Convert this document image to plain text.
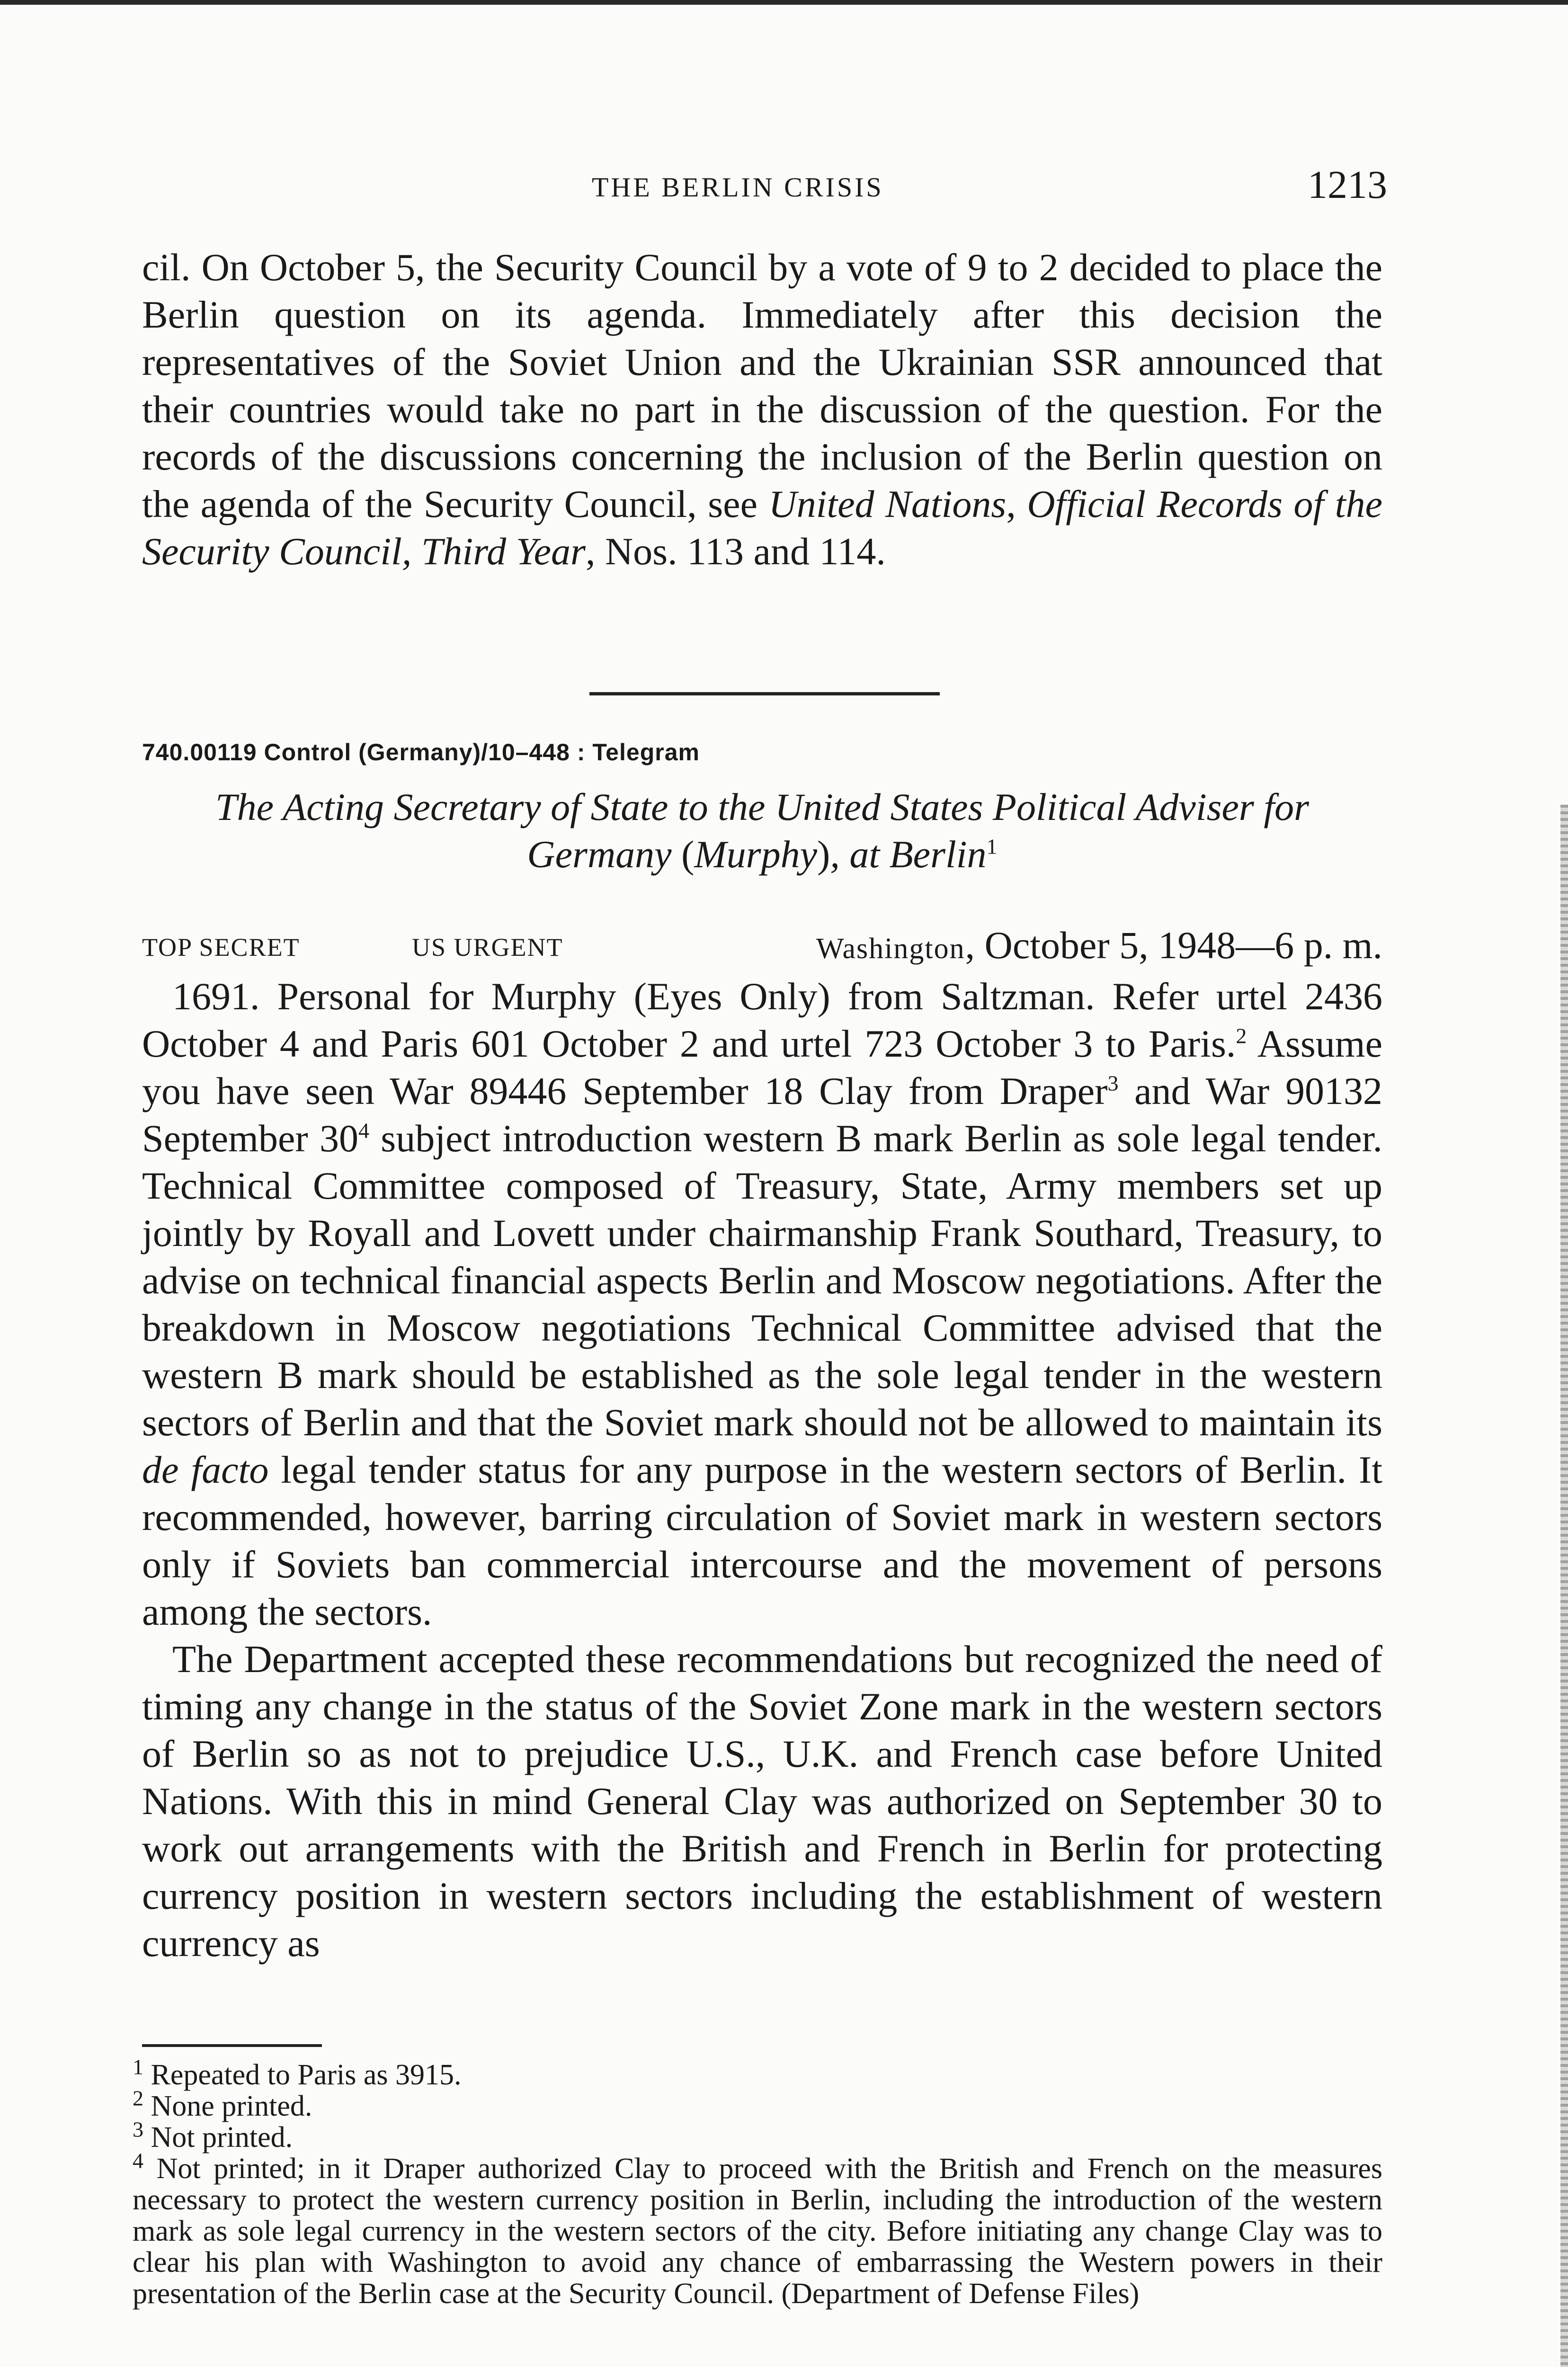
THE BERLIN CRISIS	1213

cil. On October 5, the Security Council by a vote of 9 to 2 decided to place the Berlin question on its agenda. Immediately after this decision the representatives of the Soviet Union and the Ukrainian SSR announced that their countries would take no part in the discussion of the question. For the records of the discussions concerning the inclusion of the Berlin question on the agenda of the Security Council, see United Nations, Official Records of the Security Council, Third Year, Nos. 113 and 114.

740.00119 Control (Germany)/10–448 : Telegram
The Acting Secretary of State to the United States Political Adviser for Germany (Murphy), at Berlin$^1$
TOP SECRET	US URGENT	Washington, October 5, 1948—6 p. m.

1691. Personal for Murphy (Eyes Only) from Saltzman. Refer urtel 2436 October 4 and Paris 601 October 2 and urtel 723 October 3 to Paris.$^2$ Assume you have seen War 89446 September 18 Clay from Draper$^3$ and War 90132 September 30$^4$ subject introduction western B mark Berlin as sole legal tender. Technical Committee composed of Treasury, State, Army members set up jointly by Royall and Lovett under chairmanship Frank Southard, Treasury, to advise on technical financial aspects Berlin and Moscow negotiations. After the breakdown in Moscow negotiations Technical Committee advised that the western B mark should be established as the sole legal tender in the western sectors of Berlin and that the Soviet mark should not be allowed to maintain its de facto legal tender status for any purpose in the western sectors of Berlin. It recommended, however, barring circulation of Soviet mark in western sectors only if Soviets ban commercial intercourse and the movement of persons among the sectors.

The Department accepted these recommendations but recognized the need of timing any change in the status of the Soviet Zone mark in the western sectors of Berlin so as not to prejudice U.S., U.K. and French case before United Nations. With this in mind General Clay was authorized on September 30 to work out arrangements with the British and French in Berlin for protecting currency position in western sectors including the establishment of western currency as

$^1$ Repeated to Paris as 3915.

$^2$ None printed.

$^3$ Not printed.

$^4$ Not printed; in it Draper authorized Clay to proceed with the British and French on the measures necessary to protect the western currency position in Berlin, including the introduction of the western mark as sole legal currency in the western sectors of the city. Before initiating any change Clay was to clear his plan with Washington to avoid any chance of embarrassing the Western powers in their presentation of the Berlin case at the Security Council. (Department of Defense Files)
